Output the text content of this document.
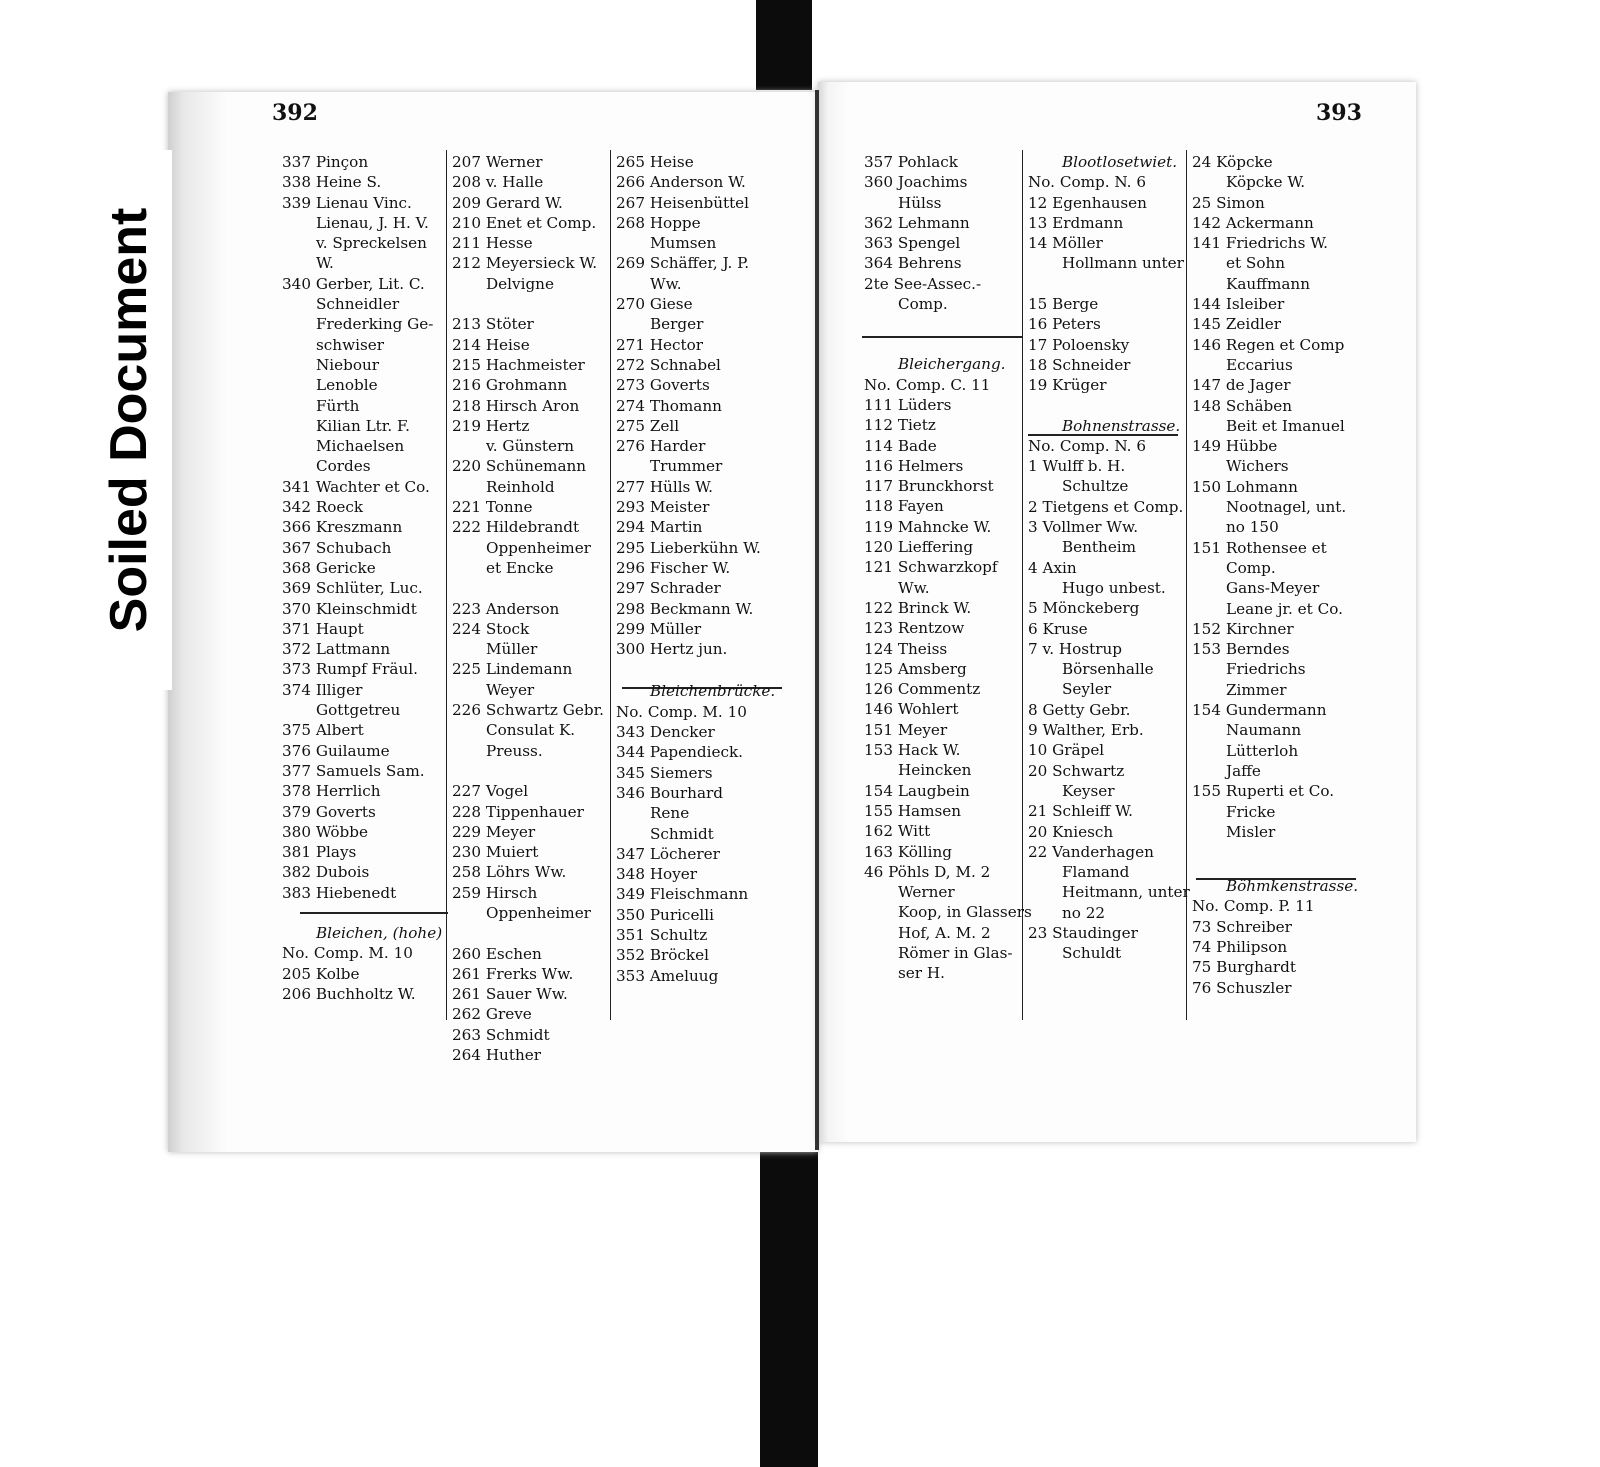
Soiled Document
392	393
337 Pinçon
338 Heine S.
339 Lienau Vinc.
Lienau, J. H. V.
v. Spreckelsen
W.
340 Gerber, Lit. C.
Schneidler
Frederking Ge-
schwiser
Niebour
Lenoble
Fürth
Kilian Ltr. F.
Michaelsen
Cordes
341 Wachter et Co.
342 Roeck
366 Kreszmann
367 Schubach
368 Gericke
369 Schlüter, Luc.
370 Kleinschmidt
371 Haupt
372 Lattmann
373 Rumpf Fräul.
374 Illiger
Gottgetreu
375 Albert
376 Guilaume
377 Samuels Sam.
378 Herrlich
379 Goverts
380 Wöbbe
381 Plays
382 Dubois
383 Hiebenedt
Bleichen, (hohe)
No. Comp. M. 10
205 Kolbe
206 Buchholtz W.
207 Werner
208 v. Halle
209 Gerard W.
210 Enet et Comp.
211 Hesse
212 Meyersieck W.
Delvigne

213 Stöter
214 Heise
215 Hachmeister
216 Grohmann
218 Hirsch Aron
219 Hertz
v. Günstern
220 Schünemann
Reinhold
221 Tonne
222 Hildebrandt
Oppenheimer
et Encke

223 Anderson
224 Stock
Müller
225 Lindemann
Weyer
226 Schwartz Gebr.
Consulat K.
Preuss.

227 Vogel
228 Tippenhauer
229 Meyer
230 Muiert
258 Löhrs Ww.
259 Hirsch
Oppenheimer

260 Eschen
261 Frerks Ww.
261 Sauer Ww.
262 Greve
263 Schmidt
264 Huther
265 Heise
266 Anderson W.
267 Heisenbüttel
268 Hoppe
Mumsen
269 Schäffer, J. P.
Ww.
270 Giese
Berger
271 Hector
272 Schnabel
273 Goverts
274 Thomann
275 Zell
276 Harder
Trummer
277 Hülls W.
293 Meister
294 Martin
295 Lieberkühn W.
296 Fischer W.
297 Schrader
298 Beckmann W.
299 Müller
300 Hertz jun.
Bleichenbrücke.
No. Comp. M. 10
343 Dencker
344 Papendieck.
345 Siemers
346 Bourhard
Rene
Schmidt
347 Löcherer
348 Hoyer
349 Fleischmann
350 Puricelli
351 Schultz
352 Bröckel
353 Ameluug
357 Pohlack
360 Joachims
Hülss
362 Lehmann
363 Spengel
364 Behrens
2te See-Assec.-
Comp.
Bleichergang.
No. Comp. C. 11
111 Lüders
112 Tietz
114 Bade
116 Helmers
117 Brunckhorst
118 Fayen
119 Mahncke W.
120 Lieffering
121 Schwarzkopf
Ww.
122 Brinck W.
123 Rentzow
124 Theiss
125 Amsberg
126 Commentz
146 Wohlert
151 Meyer
153 Hack W.
Heincken
154 Laugbein
155 Hamsen
162 Witt
163 Kölling
46 Pöhls D, M. 2
Werner
Koop, in Glassers
Hof, A. M. 2
Römer in Glas-
ser H.
Blootlosetwiet.
No. Comp. N. 6
12 Egenhausen
13 Erdmann
14 Möller
Hollmann unter

15 Berge
16 Peters
17 Poloensky
18 Schneider
19 Krüger
Bohnenstrasse.
No. Comp. N. 6
1 Wulff b. H.
Schultze
2 Tietgens et Comp.
3 Vollmer Ww.
Bentheim
4 Axin
Hugo unbest.
5 Mönckeberg
6 Kruse
7 v. Hostrup
Börsenhalle
Seyler
8 Getty Gebr.
9 Walther, Erb.
10 Gräpel
20 Schwartz
Keyser
21 Schleiff W.
20 Kniesch
22 Vanderhagen
Flamand
Heitmann, unter
no 22
23 Staudinger
Schuldt
24 Köpcke
Köpcke W.
25 Simon
142 Ackermann
141 Friedrichs W.
et Sohn
Kauffmann
144 Isleiber
145 Zeidler
146 Regen et Comp
Eccarius
147 de Jager
148 Schäben
Beit et Imanuel
149 Hübbe
Wichers
150 Lohmann
Nootnagel, unt.
no 150
151 Rothensee et
Comp.
Gans-Meyer
Leane jr. et Co.
152 Kirchner
153 Berndes
Friedrichs
Zimmer
154 Gundermann
Naumann
Lütterloh
Jaffe
155 Ruperti et Co.
Fricke
Misler
Böhmkenstrasse.
No. Comp. P. 11
73 Schreiber
74 Philipson
75 Burghardt
76 Schuszler
